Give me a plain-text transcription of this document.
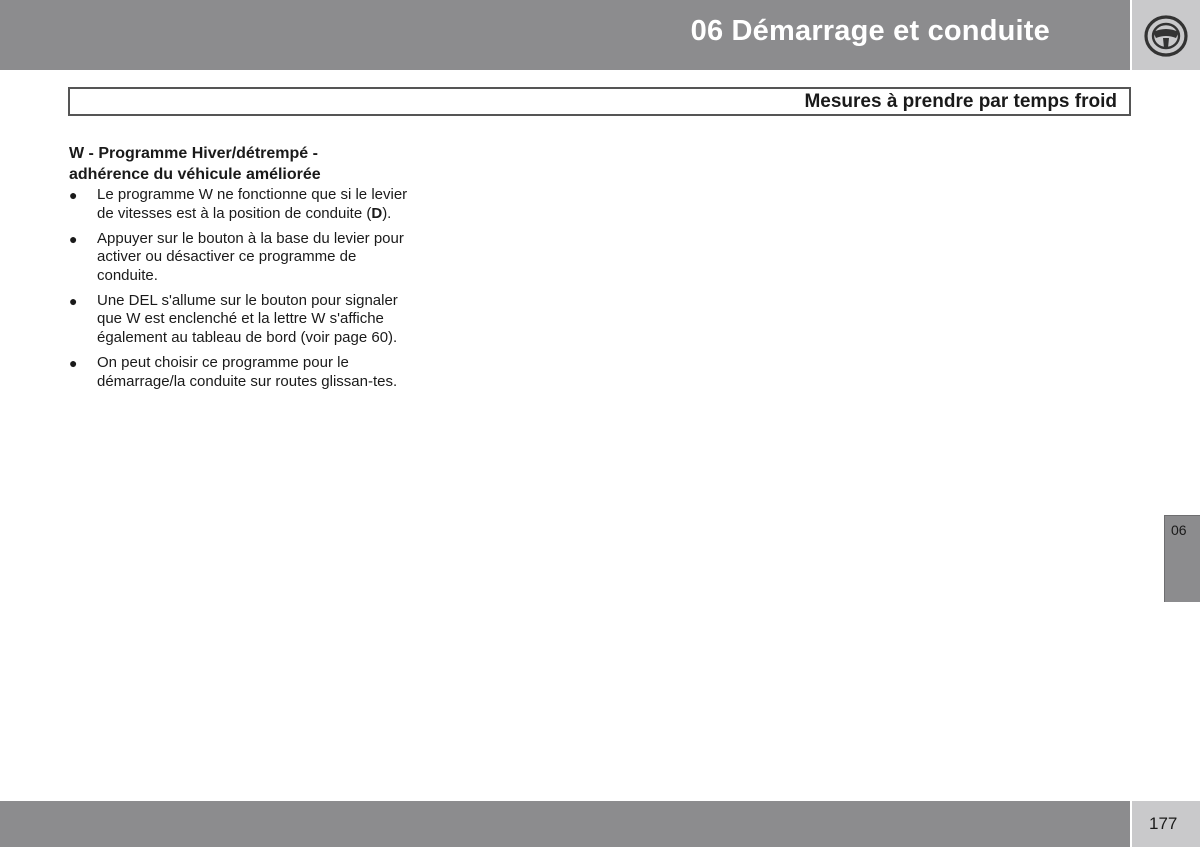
06 Démarrage et conduite
Mesures à prendre par temps froid
W - Programme Hiver/détrempé -
adhérence du véhicule améliorée
● Le programme W ne fonctionne que si le levier de vitesses est à la position de conduite (D).
● Appuyer sur le bouton à la base du levier pour activer ou désactiver ce programme de conduite.
● Une DEL s'allume sur le bouton pour signaler que W est enclenché et la lettre W s'affiche également au tableau de bord (voir page 60).
● On peut choisir ce programme pour le démarrage/la conduite sur routes glissan-tes.
06
177
